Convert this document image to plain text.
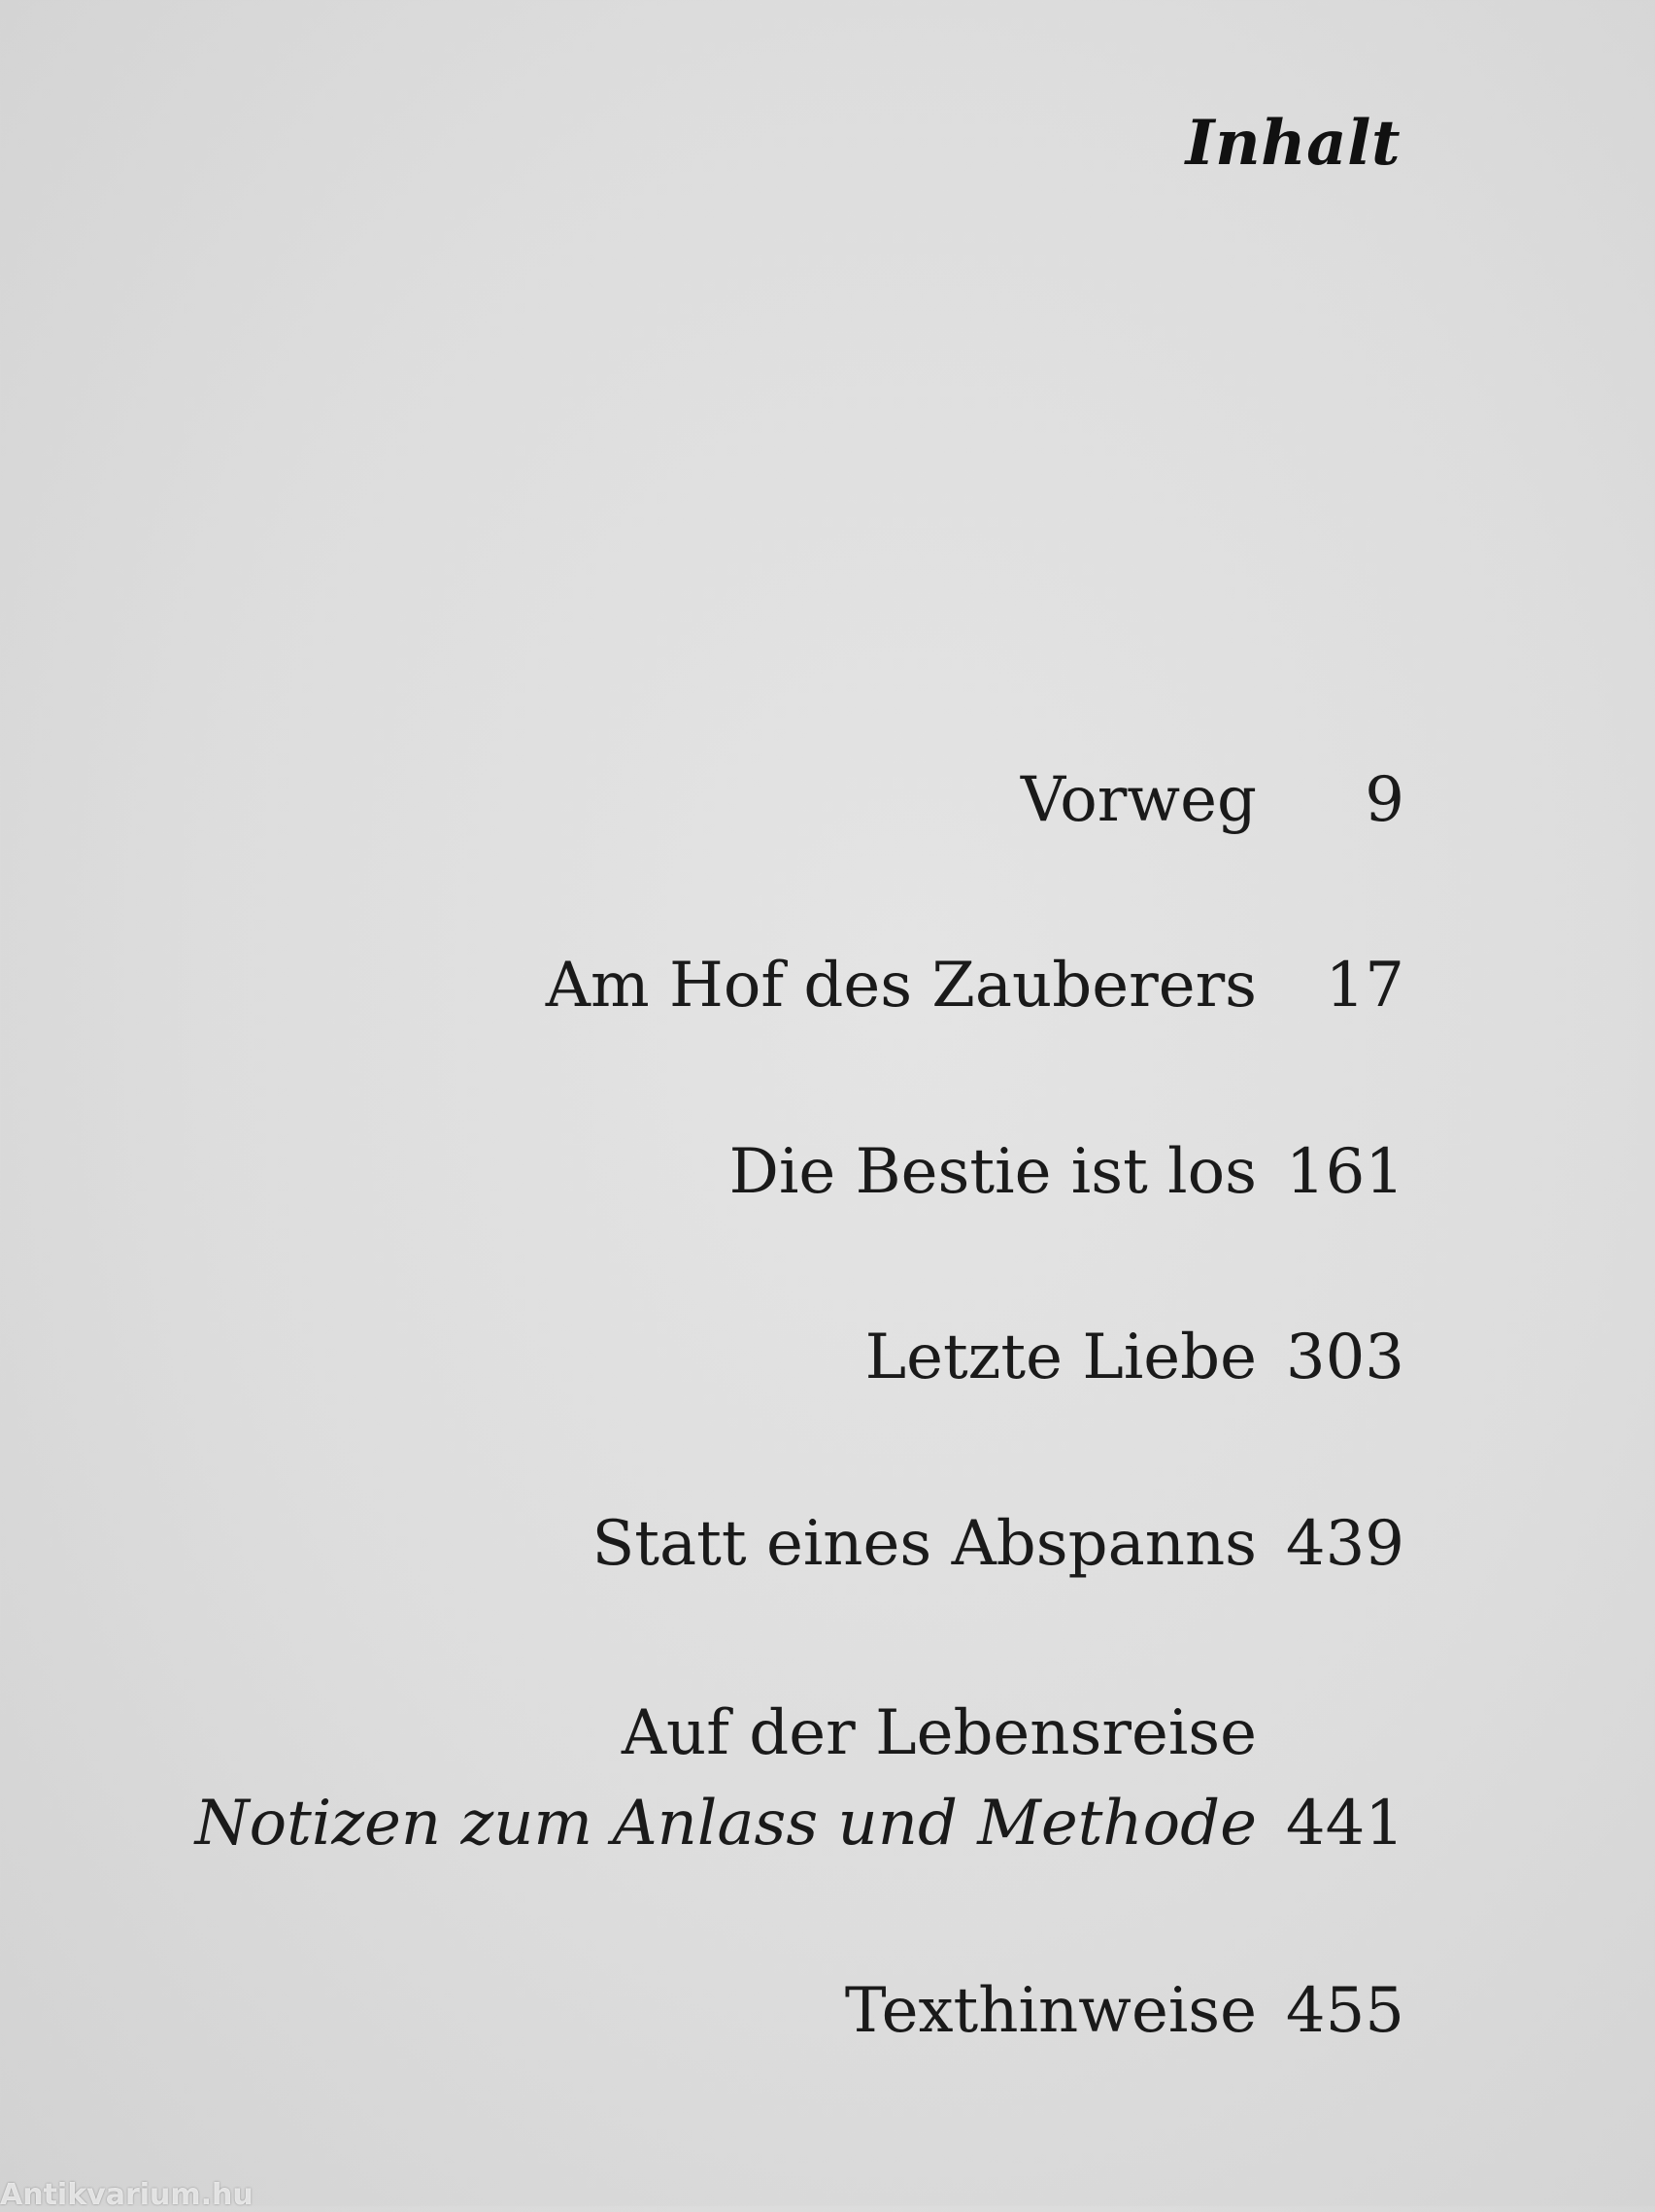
Inhalt
Vorweg 9
Am Hof des Zauberers 17
Die Bestie ist los 161
Letzte Liebe 303
Statt eines Abspanns 439
Auf der Lebensreise
Notizen zum Anlass und Methode 441
Texthinweise 455
Antikvarium.hu
